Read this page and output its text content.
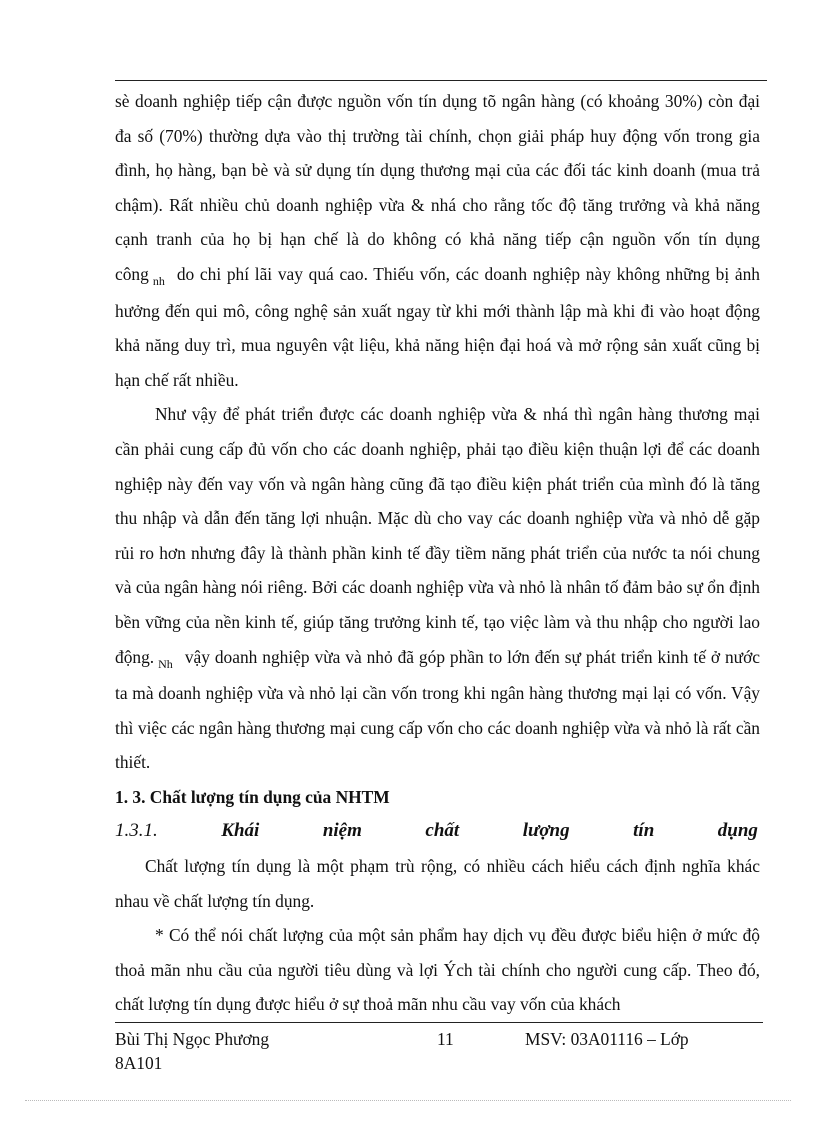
sè doanh nghiệp tiếp cận được nguồn vốn tín dụng tõ ngân hàng (có khoảng 30%) còn đại đa số (70%) thường dựa vào thị trường tài chính, chọn giải pháp huy động vốn trong gia đình, họ hàng, bạn bè và sử dụng tín dụng thương mại của các đối tác kinh doanh (mua trả chậm). Rất nhiều chủ doanh nghiệp vừa & nhá cho rằng tốc độ tăng trưởng và khả năng cạnh tranh của họ bị hạn chế là do không có khả năng tiếp cận nguồn vốn tín dụng công $_{nh}$ do chi phí lãi vay quá cao. Thiếu vốn, các doanh nghiệp này không những bị ảnh hưởng đến qui mô, công nghệ sản xuất ngay từ khi mới thành lập mà khi đi vào hoạt động khả năng duy trì, mua nguyên vật liệu, khả năng hiện đại hoá và mở rộng sản xuất cũng bị hạn chế rất nhiều.

Như vậy để phát triển được các doanh nghiệp vừa & nhá thì ngân hàng thương mại cần phải cung cấp đủ vốn cho các doanh nghiệp, phải tạo điều kiện thuận lợi để các doanh nghiệp này đến vay vốn và ngân hàng cũng đã tạo điều kiện phát triển của mình đó là tăng thu nhập và dẫn đến tăng lợi nhuận. Mặc dù cho vay các doanh nghiệp vừa và nhỏ dễ gặp rủi ro hơn nhưng đây là thành phần kinh tế đầy tiềm năng phát triển của nước ta nói chung và của ngân hàng nói riêng. Bởi các doanh nghiệp vừa và nhỏ là nhân tố đảm bảo sự ổn định bền vững của nền kinh tế, giúp tăng trưởng kinh tế, tạo việc làm và thu nhập cho người lao động. $_{Nh}$ vậy doanh nghiệp vừa và nhỏ đã góp phần to lớn đến sự phát triển kinh tế ở nước ta mà doanh nghiệp vừa và nhỏ lại cần vốn trong khi ngân hàng thương mại lại có vốn. Vậy thì việc các ngân hàng thương mại cung cấp vốn cho các doanh nghiệp vừa và nhỏ là rất cần thiết.

1. 3. Chất lượng tín dụng của NHTM

1.3.1.	Khái	niệm	chất	lượng	tín	dụng

Chất lượng tín dụng là một phạm trù rộng, có nhiều cách hiểu cách định nghĩa khác nhau về chất lượng tín dụng.

* Có thể nói chất lượng của một sản phẩm hay dịch vụ đều được biểu hiện ở mức độ thoả mãn nhu cầu của người tiêu dùng và lợi Ých tài chính cho người cung cấp. Theo đó, chất lượng tín dụng được hiểu ở sự thoả mãn nhu cầu vay vốn của khách

Bùi Thị Ngọc Phương	11	MSV: 03A01116 – Lớp
8A101
